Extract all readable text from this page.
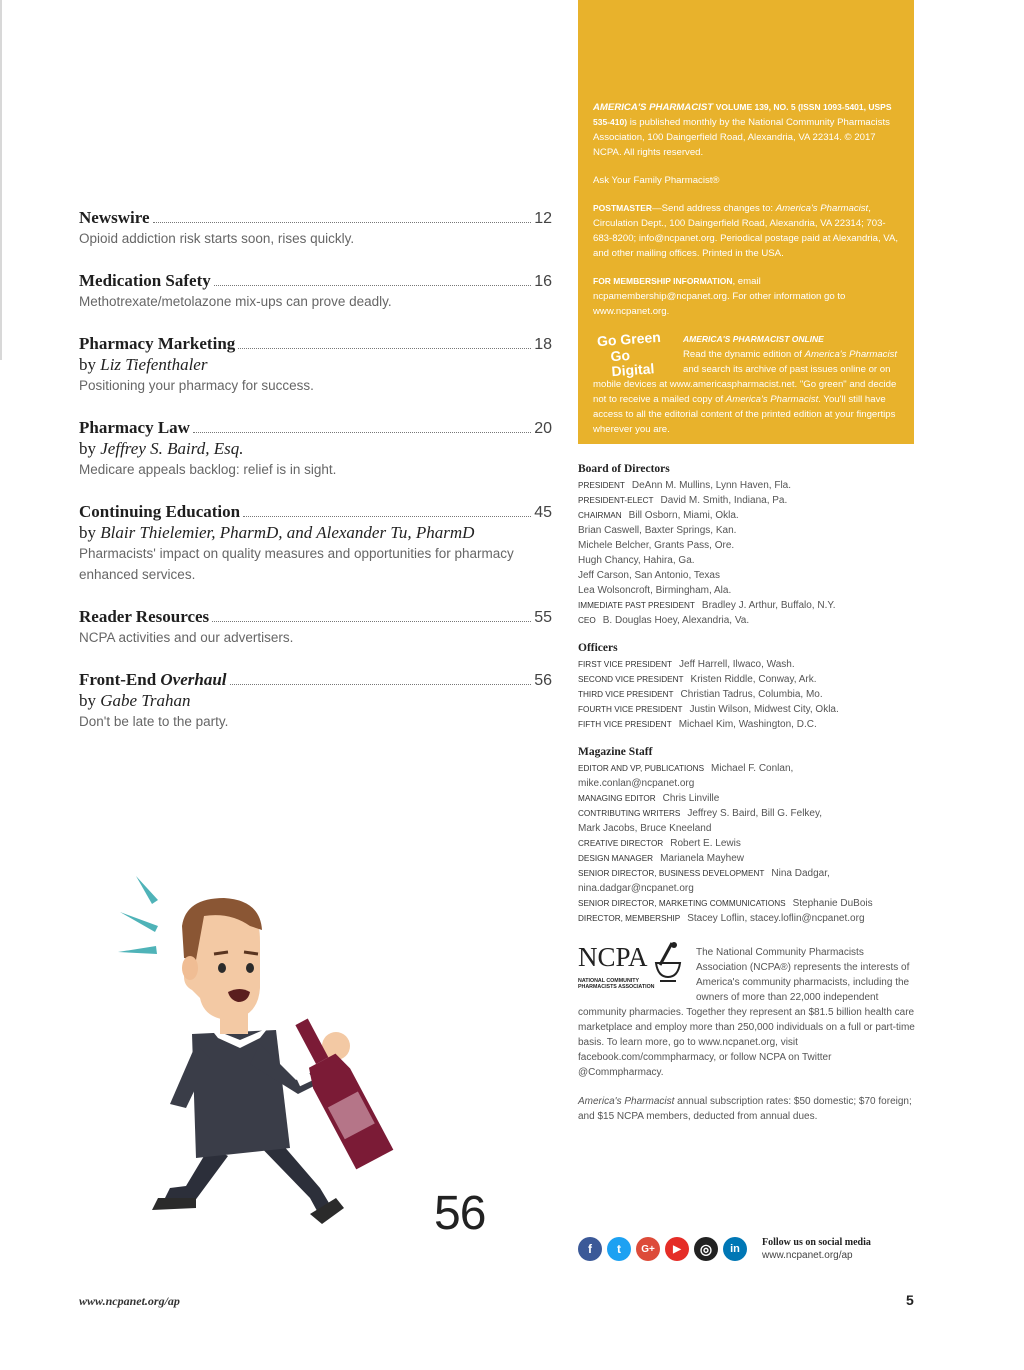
Newswire	12
Opioid addiction risk starts soon, rises quickly.
Medication Safety	16
Methotrexate/metolazone mix-ups can prove deadly.
Pharmacy Marketing	18
by Liz Tiefenthaler
Positioning your pharmacy for success.
Pharmacy Law	20
by Jeffrey S. Baird, Esq.
Medicare appeals backlog: relief is in sight.
Continuing Education	45
by Blair Thielemier, PharmD, and Alexander Tu, PharmD
Pharmacists' impact on quality measures and opportunities for pharmacy enhanced services.
Reader Resources	55
NCPA activities and our advertisers.
Front-End Overhaul	56
by Gabe Trahan
Don't be late to the party.

AMERICA'S PHARMACIST VOLUME 139, NO. 5 (ISSN 1093-5401, USPS 535-410) is published monthly by the National Community Pharmacists Association, 100 Daingerfield Road, Alexandria, VA 22314. © 2017 NCPA. All rights reserved.

Ask Your Family Pharmacist®

POSTMASTER—Send address changes to: America's Pharmacist, Circulation Dept., 100 Daingerfield Road, Alexandria, VA 22314; 703-683-8200; info@ncpanet.org. Periodical postage paid at Alexandria, VA, and other mailing offices. Printed in the USA.

FOR MEMBERSHIP INFORMATION, email ncpamembership@ncpanet.org. For other information go to www.ncpanet.org.

Go Green
Go Digital
AMERICA'S PHARMACIST ONLINE
Read the dynamic edition of America's Pharmacist and search its archive of past issues online or on mobile devices at www.americaspharmacist.net. "Go green" and decide not to receive a mailed copy of America's Pharmacist. You'll still have access to all the editorial content of the printed edition at your fingertips wherever you are.
Board of Directors
PRESIDENT DeAnn M. Mullins, Lynn Haven, Fla.
PRESIDENT-ELECT David M. Smith, Indiana, Pa.
CHAIRMAN Bill Osborn, Miami, Okla.
Brian Caswell, Baxter Springs, Kan.
Michele Belcher, Grants Pass, Ore.
Hugh Chancy, Hahira, Ga.
Jeff Carson, San Antonio, Texas
Lea Wolsoncroft, Birmingham, Ala.
IMMEDIATE PAST PRESIDENT Bradley J. Arthur, Buffalo, N.Y.
CEO B. Douglas Hoey, Alexandria, Va.
Officers
FIRST VICE PRESIDENT Jeff Harrell, Ilwaco, Wash.
SECOND VICE PRESIDENT Kristen Riddle, Conway, Ark.
THIRD VICE PRESIDENT Christian Tadrus, Columbia, Mo.
FOURTH VICE PRESIDENT Justin Wilson, Midwest City, Okla.
FIFTH VICE PRESIDENT Michael Kim, Washington, D.C.
Magazine Staff
EDITOR AND VP, PUBLICATIONS Michael F. Conlan,
mike.conlan@ncpanet.org
MANAGING EDITOR Chris Linville
CONTRIBUTING WRITERS Jeffrey S. Baird, Bill G. Felkey,
Mark Jacobs, Bruce Kneeland
CREATIVE DIRECTOR Robert E. Lewis
DESIGN MANAGER Marianela Mayhew
SENIOR DIRECTOR, BUSINESS DEVELOPMENT Nina Dadgar,
nina.dadgar@ncpanet.org
SENIOR DIRECTOR, MARKETING COMMUNICATIONS Stephanie DuBois
DIRECTOR, MEMBERSHIP Stacey Loflin, stacey.loflin@ncpanet.org
NCPA
NATIONAL COMMUNITY
PHARMACISTS ASSOCIATION
The National Community Pharmacists Association (NCPA®) represents the interests of America's community pharmacists, including the owners of more than 22,000 independent community pharmacies. Together they represent an $81.5 billion health care marketplace and employ more than 250,000 individuals on a full or part-time basis. To learn more, go to www.ncpanet.org, visit facebook.com/commpharmacy, or follow NCPA on Twitter @Commpharmacy.
America's Pharmacist annual subscription rates: $50 domestic; $70 foreign; and $15 NCPA members, deducted from annual dues.
56
f	t	G+	▶	◎	in
Follow us on social media
www.ncpanet.org/ap
www.ncpanet.org/ap	5
